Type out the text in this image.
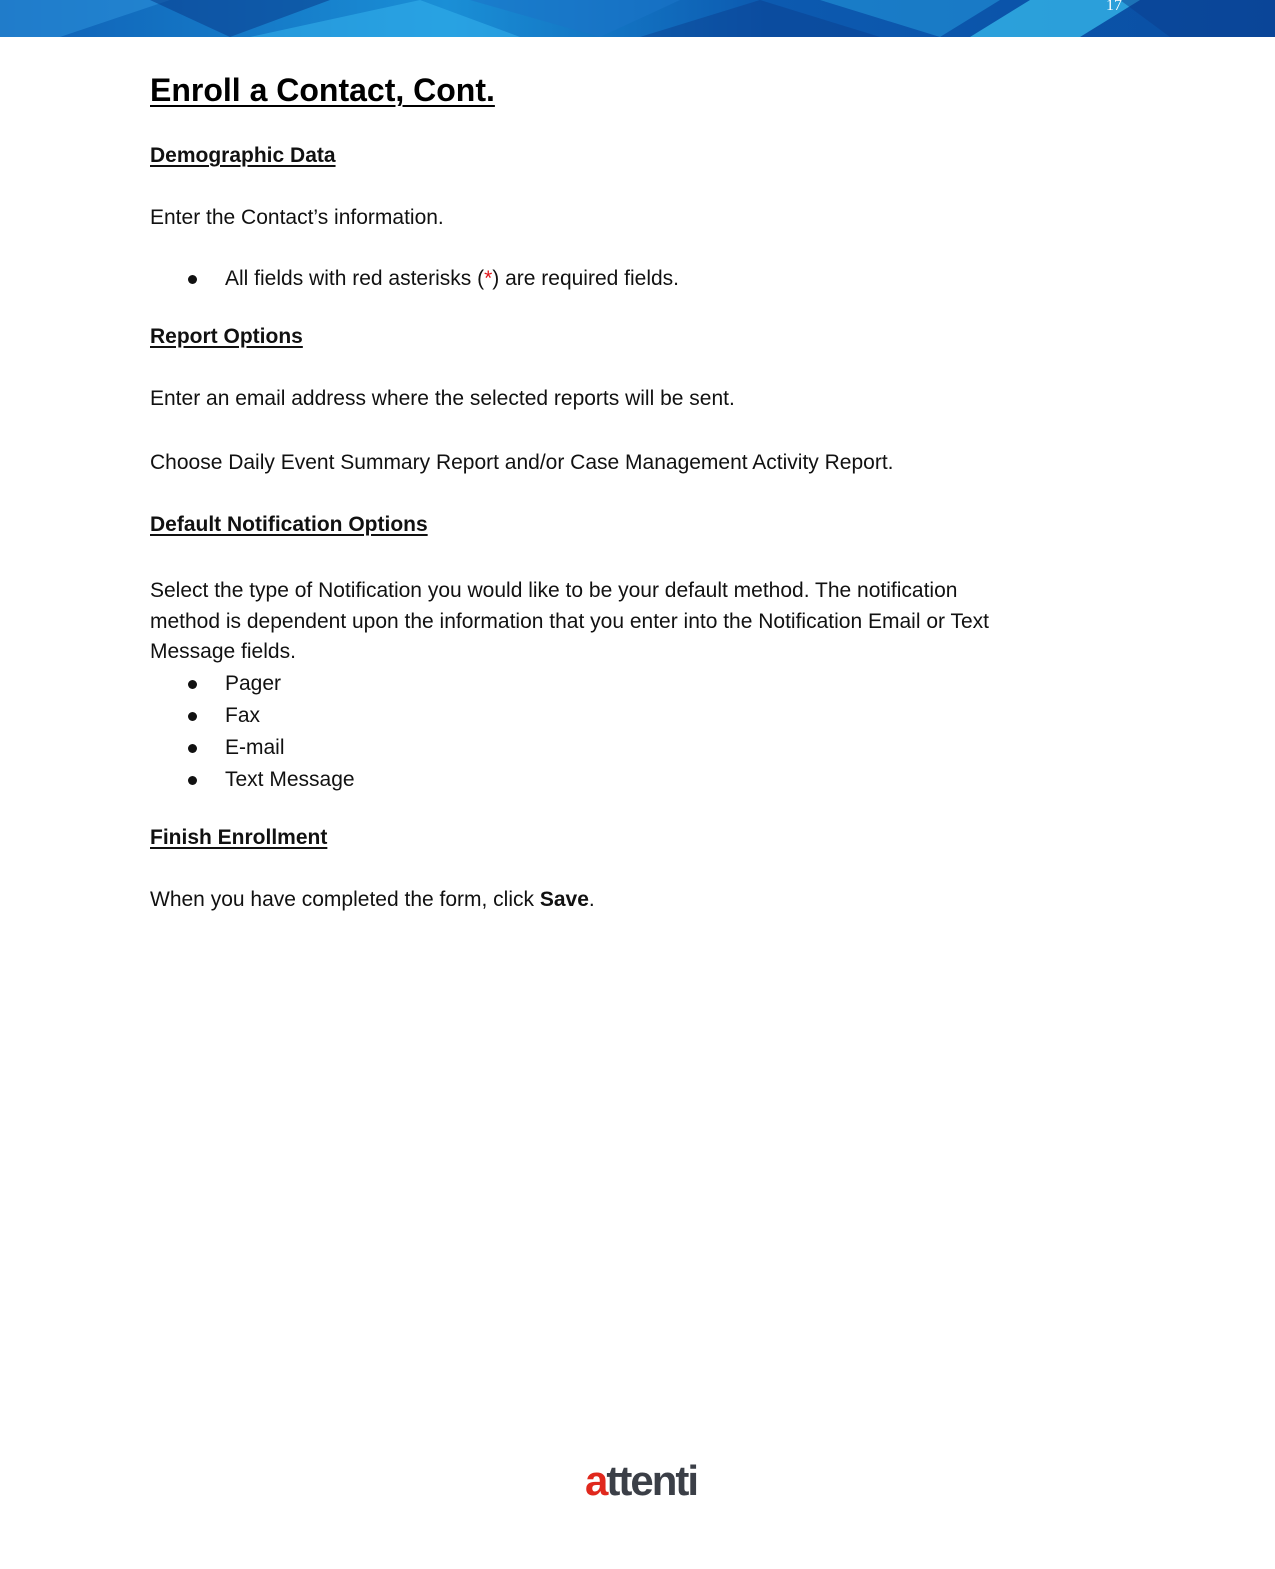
17
Enroll a Contact, Cont.
Demographic Data

Enter the Contact’s information.

All fields with red asterisks (*) are required fields.
Report Options

Enter an email address where the selected reports will be sent.

Choose Daily Event Summary Report and/or Case Management Activity Report.

Default Notification Options
Select the type of Notification you would like to be your default method. The notification
method is dependent upon the information that you enter into the Notification Email or Text
Message fields.
Pager
Fax
E-mail
Text Message
Finish Enrollment

When you have completed the form, click Save.

attenti
